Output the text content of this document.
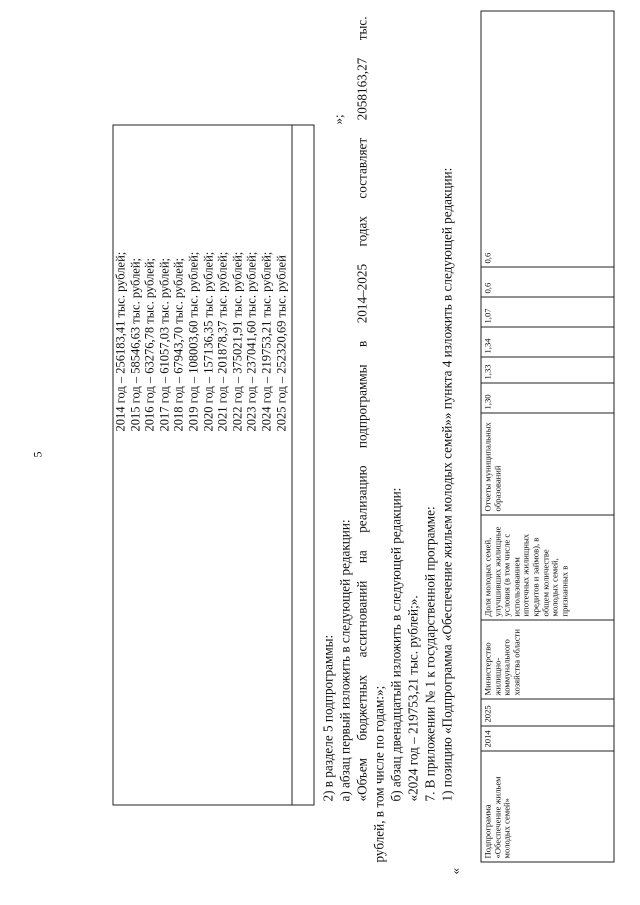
5
2014 год – 256183,41 тыс. рублей; 2015 год – 58546,63 тыс. рублей; 2016 год – 63276,78 тыс. рублей; 2017 год – 61057,03 тыс. рублей; 2018 год – 67943,70 тыс. рублей; 2019 год – 108003,60 тыс. рублей; 2020 год – 157136,35 тыс. рублей; 2021 год – 201878,37 тыс. рублей; 2022 год – 375021,91 тыс. рублей; 2023 год – 237041,60 тыс. рублей; 2024 год – 219753,21 тыс. рублей; 2025 год – 252320,69 тыс. рублей
»;
2) в разделе 5 подпрограммы: а) абзац первый изложить в следующей редакции: «Объем бюджетных ассигнований на реализацию подпрограммы в 2014–2025 годах составляет 2058163,27 тыс. рублей, в том числе по годам:»; б) абзац двенадцатый изложить в следующей редакции: «2024 год – 219753,21 тыс. рублей;». 7. В приложении № 1 к государственной программе: 1) позицию «Подпрограмма «Обеспечение жильем молодых семей»» пункта 4 изложить в следующей редакции:
«
Подпрограмма «Обеспечение жильем молодых семей»	2014	2025	Министерство жилищно-коммунального хозяйства области	Доля молодых семей, улучшивших жилищные условия (в том числе с использованием ипотечных жилищных кредитов и займов), в общем количестве молодых семей, признанных в	Отчеты муниципальных образований	1,30	1,33	1,34	1,07	0,6	0,6
